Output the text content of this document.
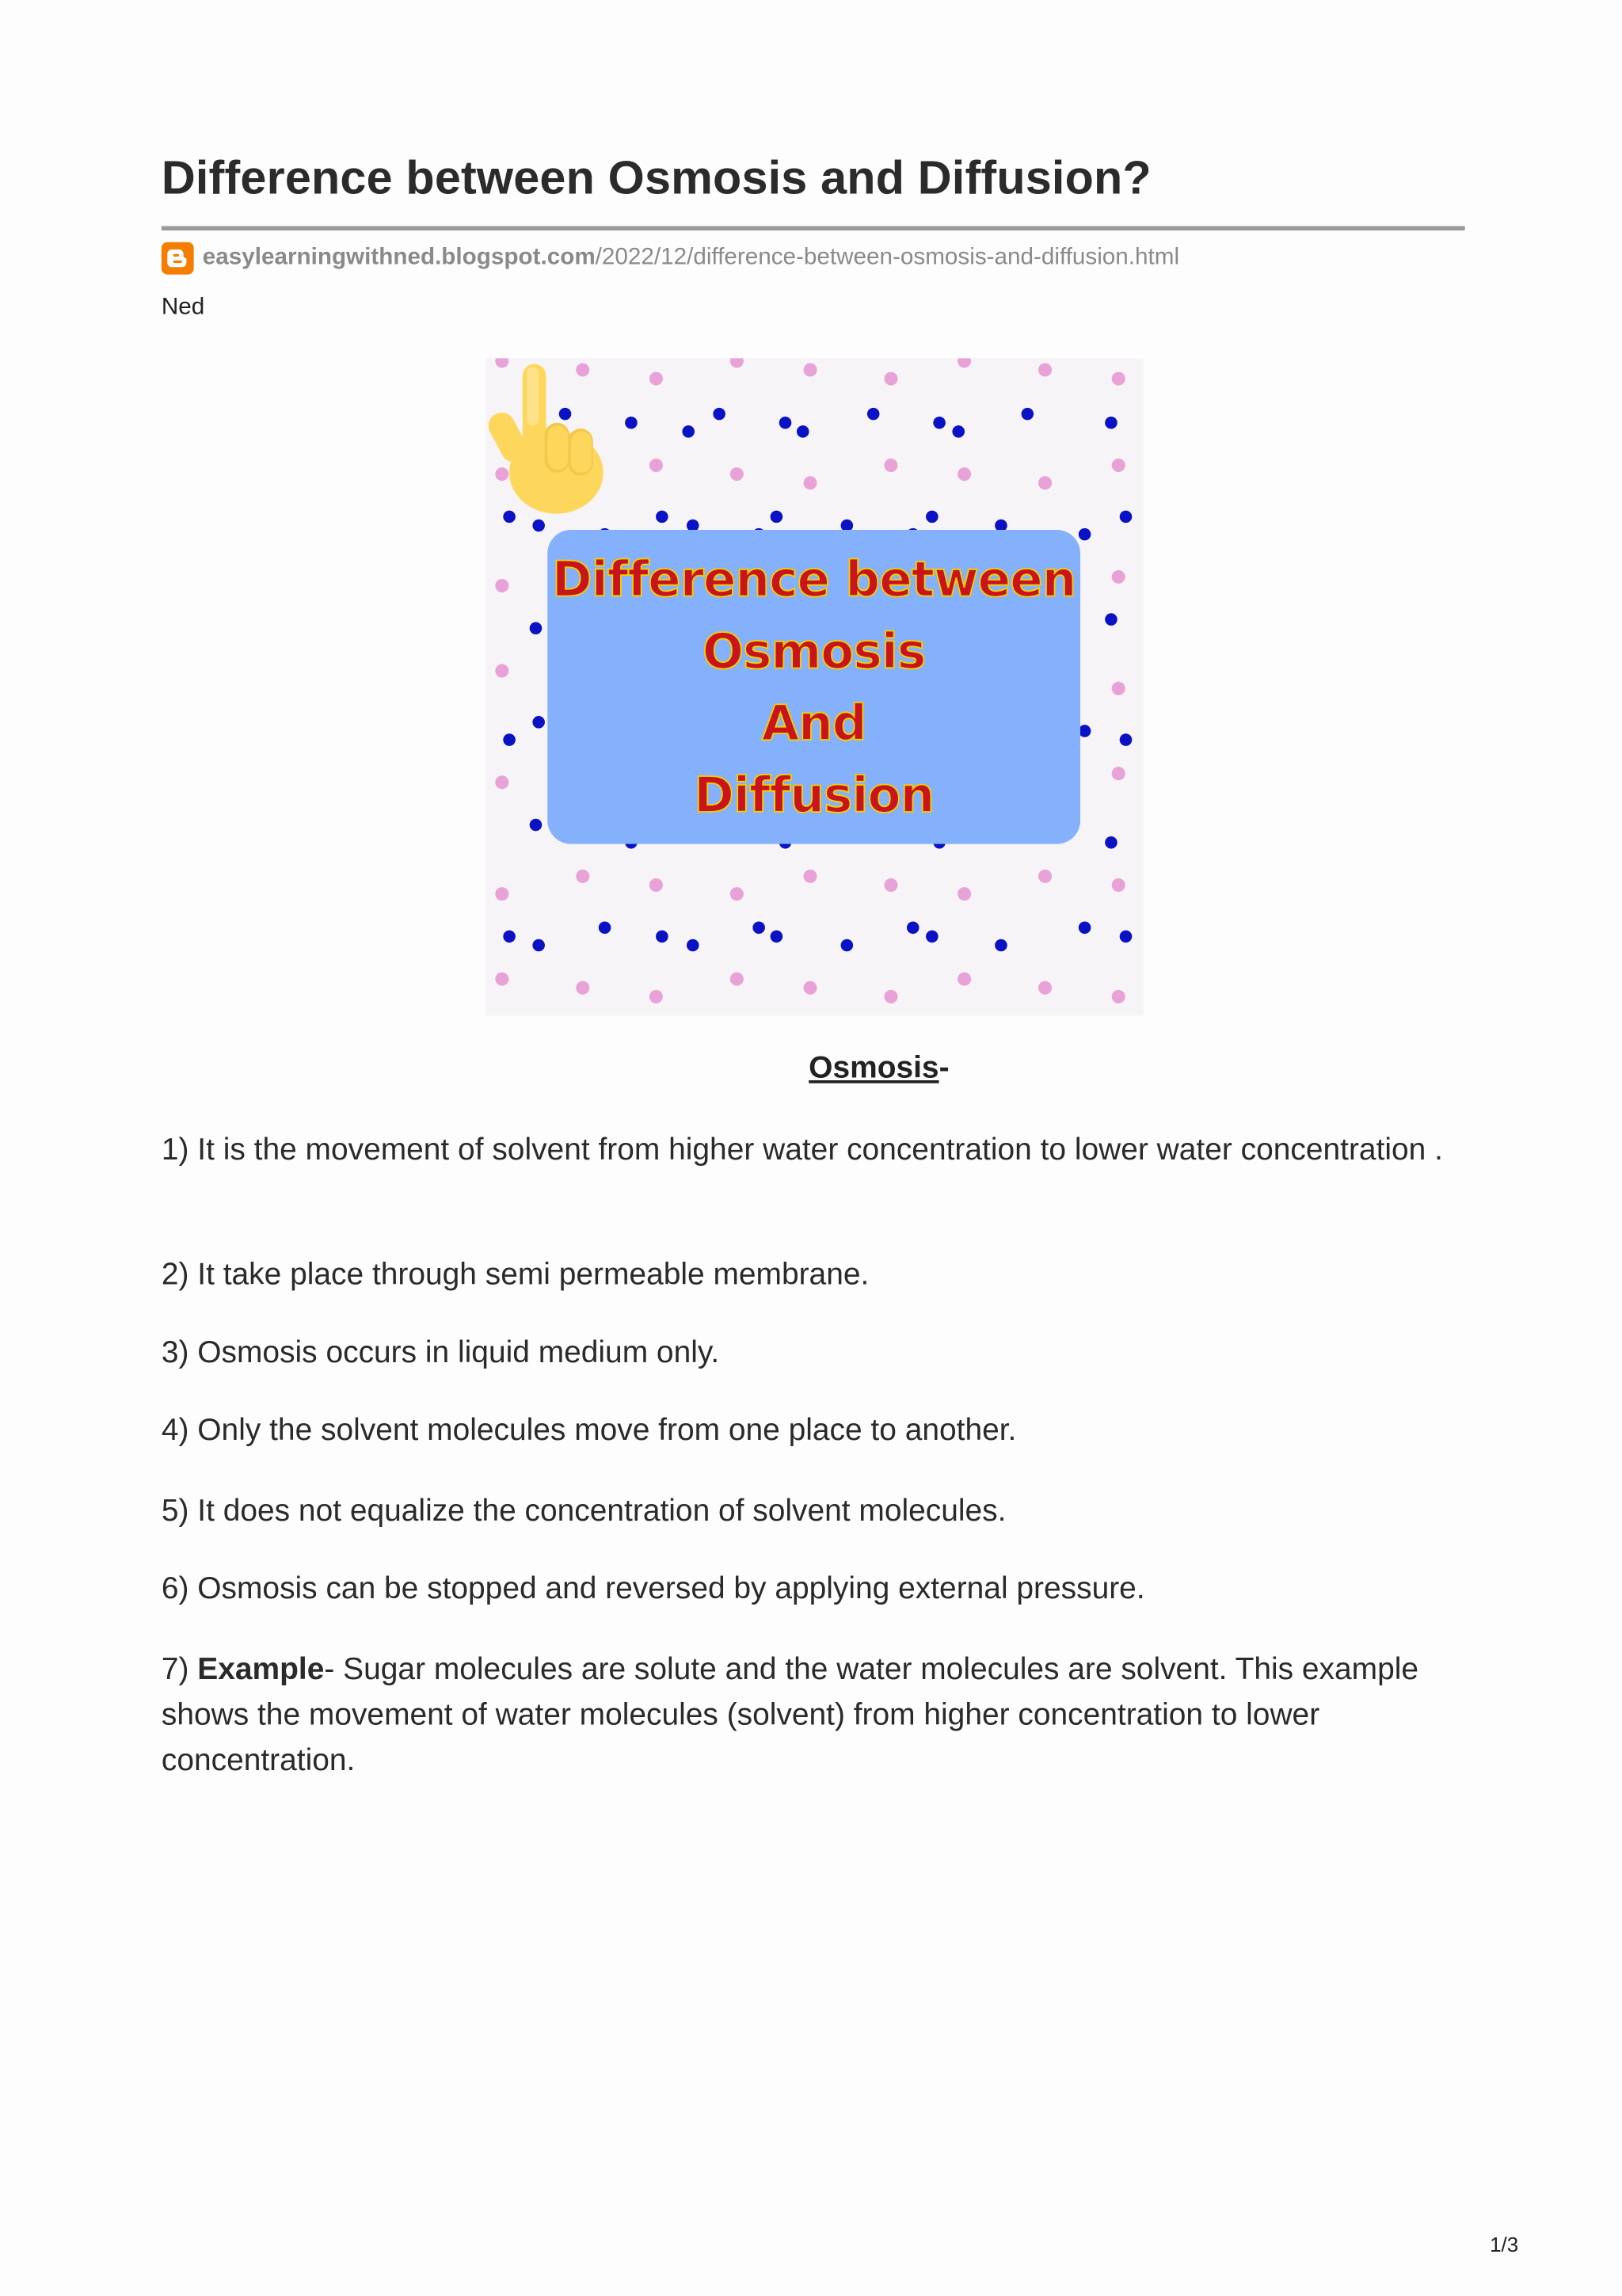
Difference between Osmosis and Diffusion?
easylearningwithned.blogspot.com /2022/12/difference-between-osmosis-and-diffusion.html
Ned
Difference between
Osmosis
And
Diffusion
Osmosis-

1) It is the movement of solvent from higher water concentration to lower water concentration .

2) It take place through semi permeable membrane.

3) Osmosis occurs in liquid medium only.

4) Only the solvent molecules move from one place to another.

5) It does not equalize the concentration of solvent molecules.

6) Osmosis can be stopped and reversed by applying external pressure.

7) Example- Sugar molecules are solute and the water molecules are solvent. This example shows the movement of water molecules (solvent) from higher concentration to lower concentration.

1/3
